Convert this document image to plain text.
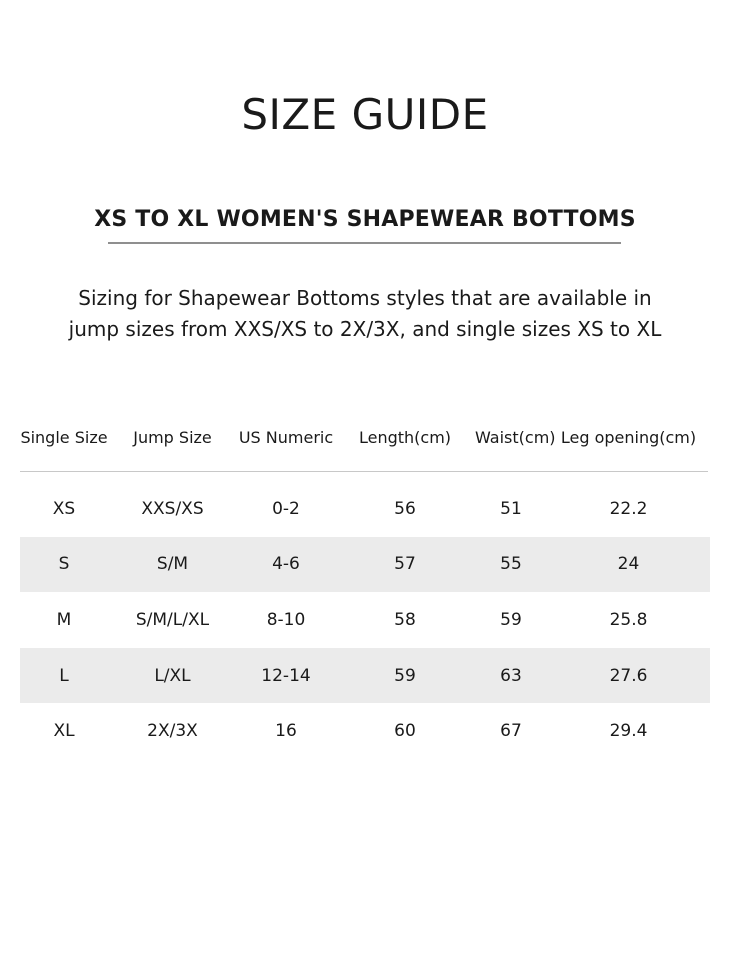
SIZE GUIDE
XS TO XL WOMEN'S SHAPEWEAR BOTTOMS
Sizing for Shapewear Bottoms styles that are available in
jump sizes from XXS/XS to 2X/3X, and single sizes XS to XL
Single Size	Jump Size	US Numeric	Length(cm)	Waist(cm) Leg opening(cm)
XS	XXS/XS	0-2	56	51	22.2
S	S/M	4-6	57	55	24
M	S/M/L/XL	8-10	58	59	25.8
L	L/XL	12-14	59	63	27.6
XL	2X/3X	16	60	67	29.4
